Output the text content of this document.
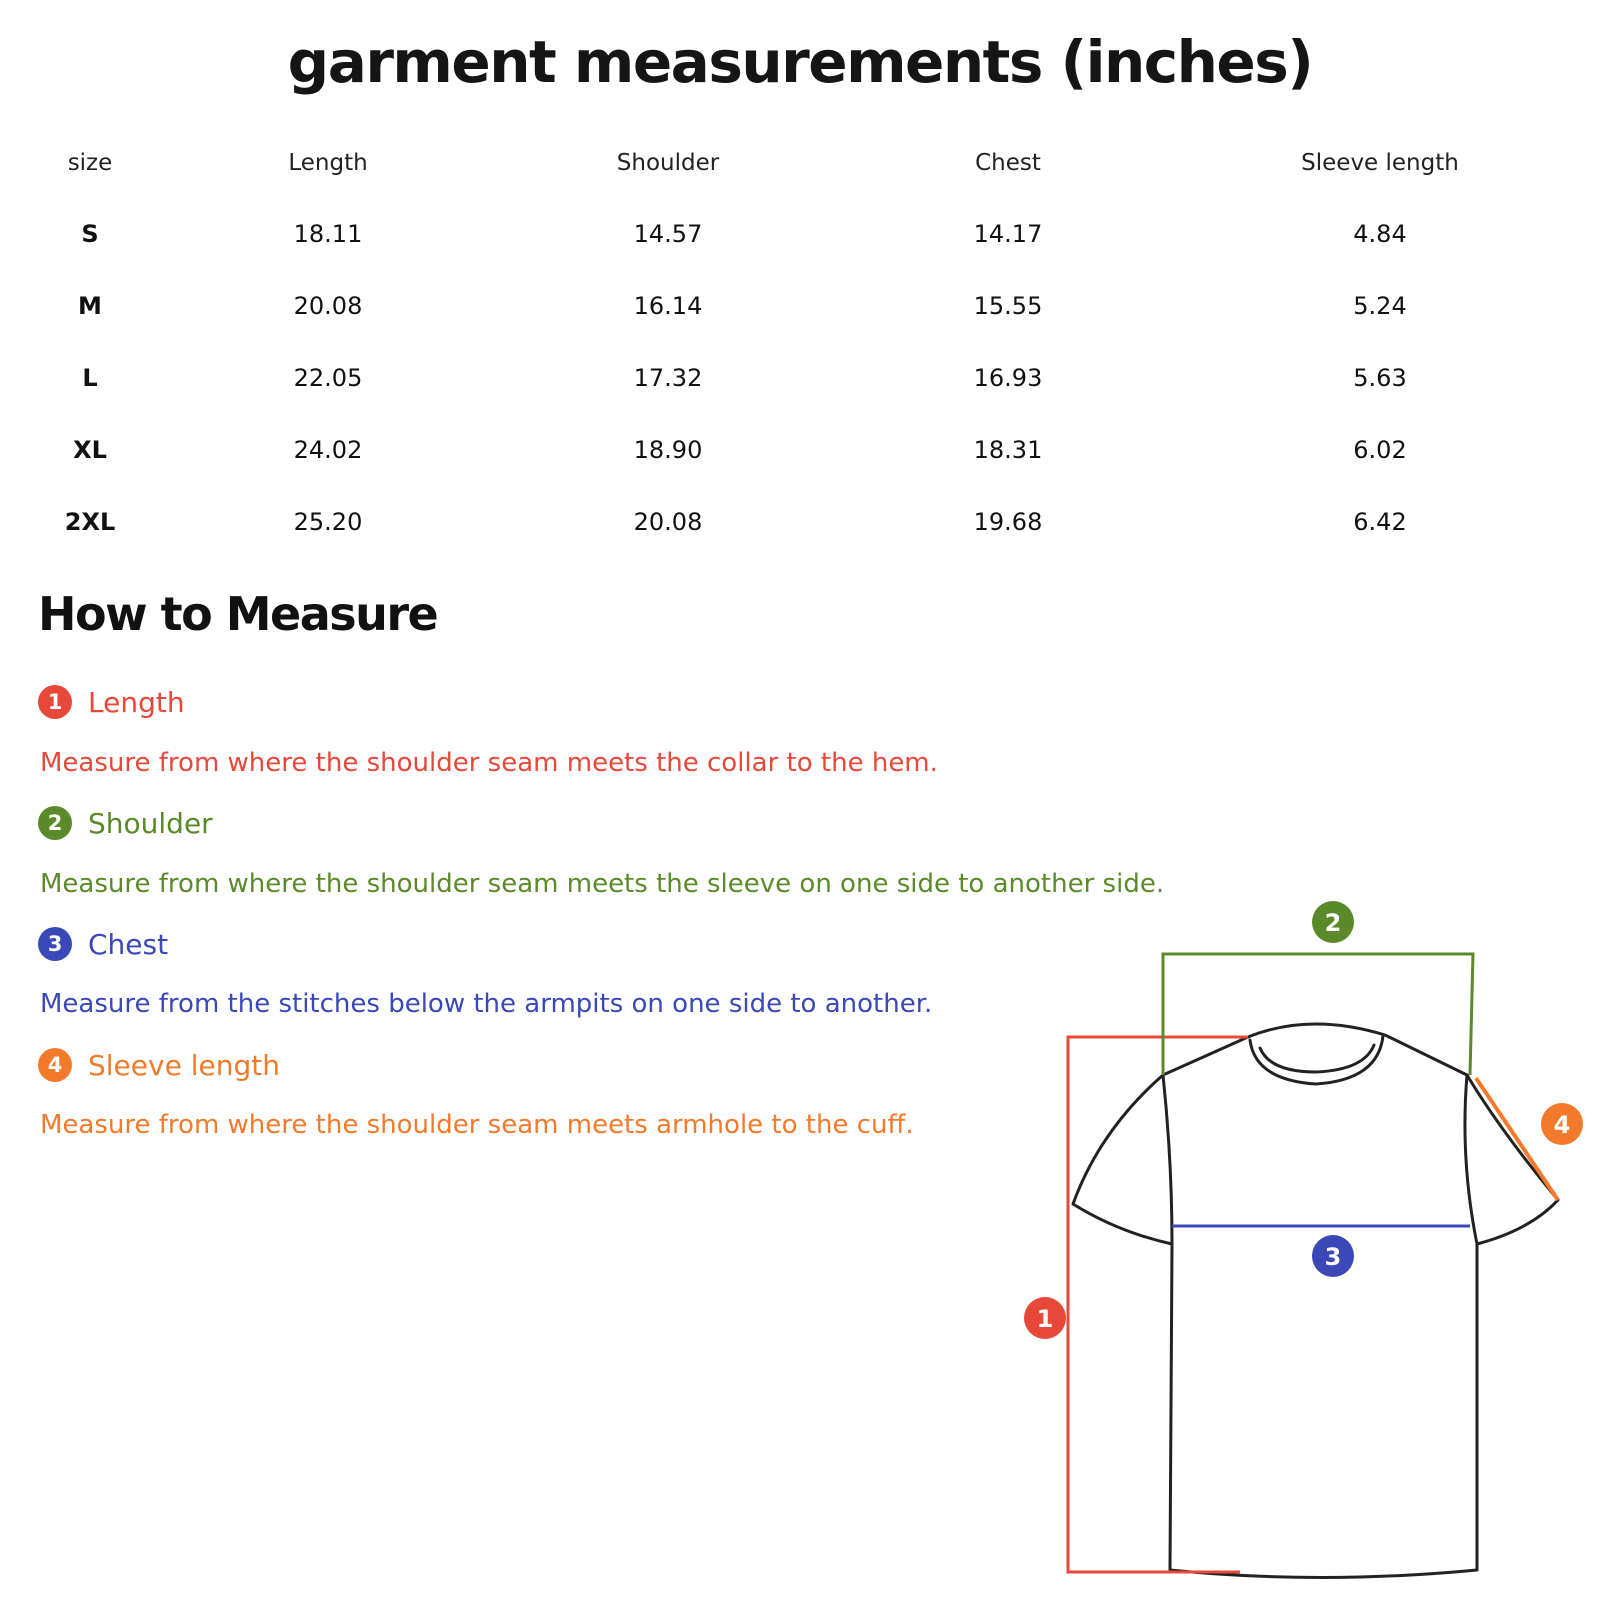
garment measurements (inches)
size	Length	Shoulder	Chest	Sleeve length
S	18.11	14.57	14.17	4.84
M	20.08	16.14	15.55	5.24
L	22.05	17.32	16.93	5.63
XL	24.02	18.90	18.31	6.02
2XL	25.20	20.08	19.68	6.42
How to Measure
1 Length
Measure from where the shoulder seam meets the collar to the hem.
2 Shoulder
Measure from where the shoulder seam meets the sleeve on one side to another side.
3 Chest
Measure from the stitches below the armpits on one side to another.
4 Sleeve length
Measure from where the shoulder seam meets armhole to the cuff.
1
2
3
4
